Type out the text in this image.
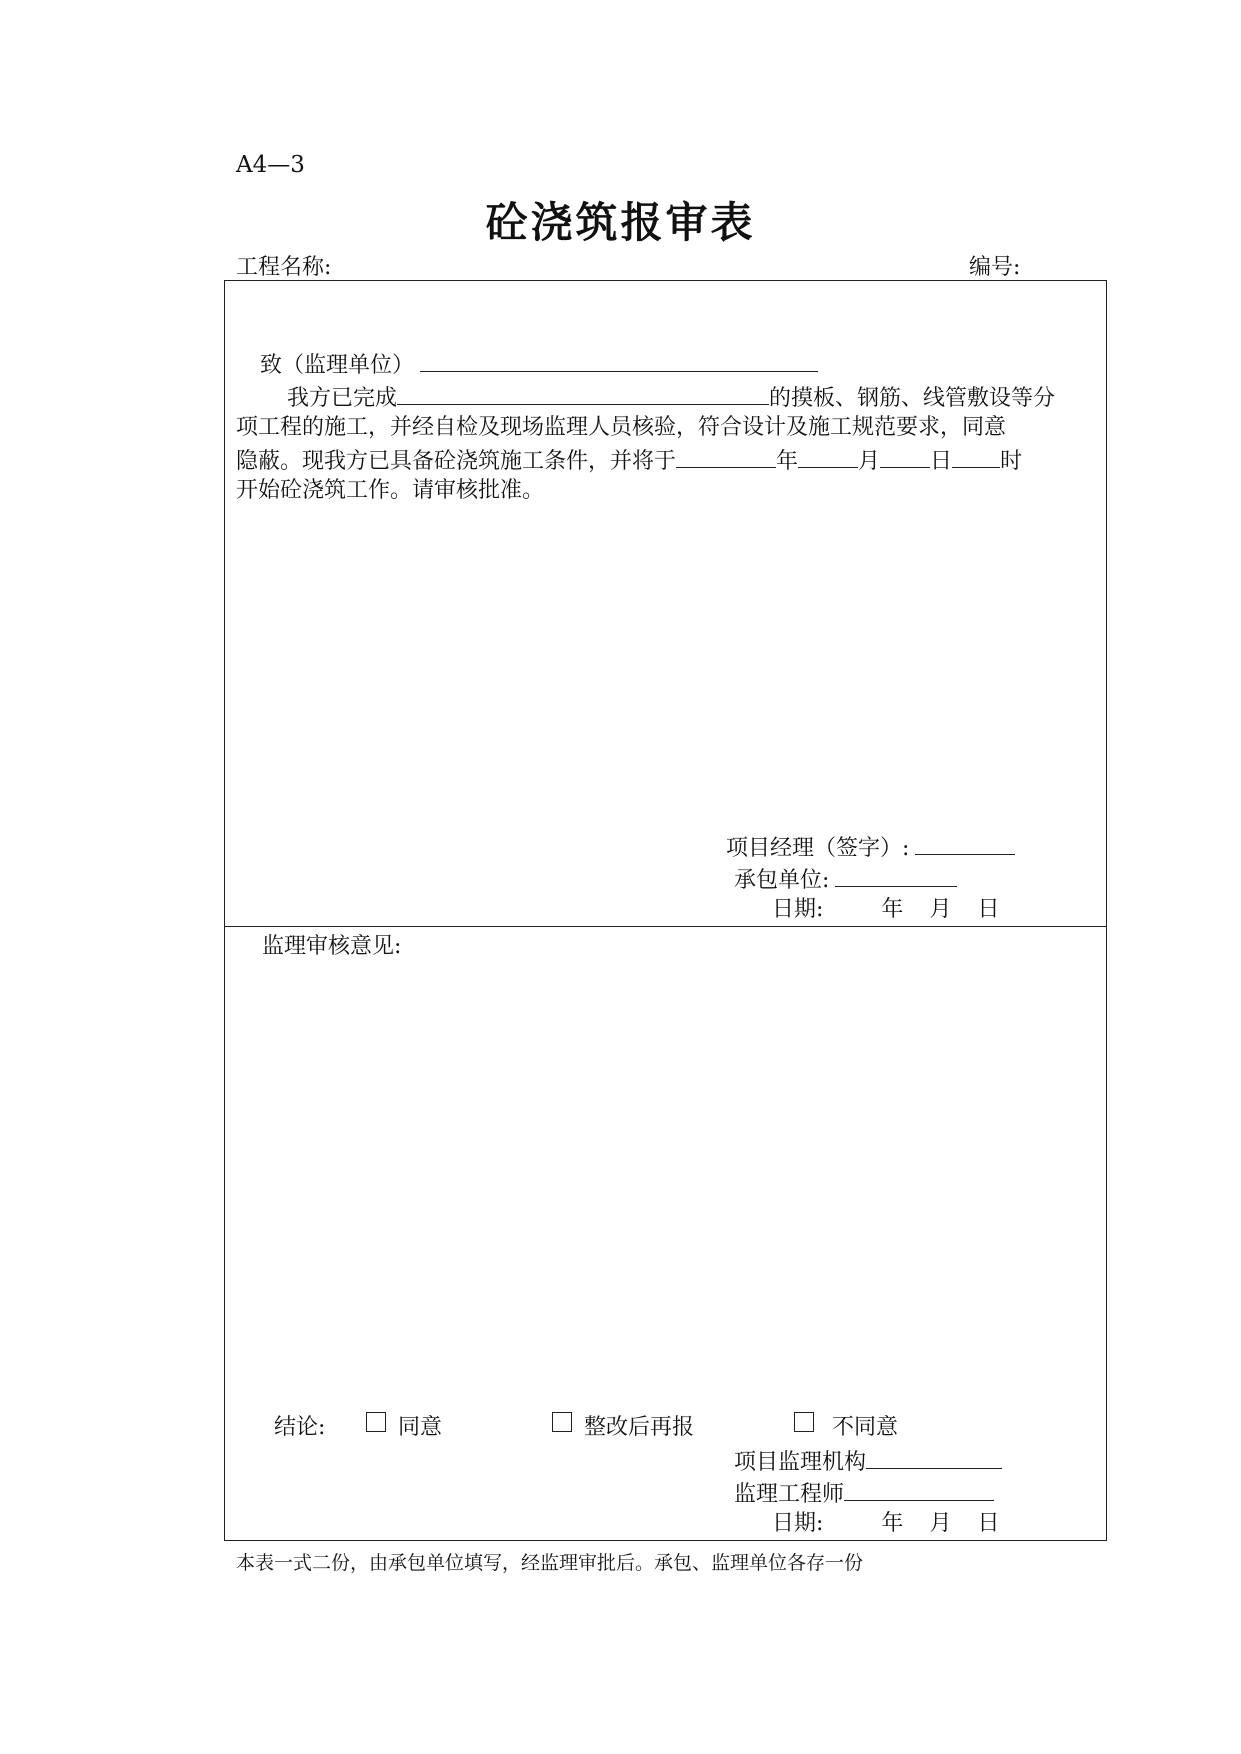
A4—3
砼浇筑报审表
工程名称:	编号:
致（监理单位）
我方已完成	的摸板、钢筋、线管敷设等分
项工程的施工，并经自检及现场监理人员核验，符合设计及施工规范要求，同意
隐蔽。现我方已具备砼浇筑施工条件，并将于	年	月 日 时
开始砼浇筑工作。请审核批准。
项目经理（签字）:
承包单位:
日期:	年 月 日
监理审核意见:
结论:	同意	整改后再报	不同意
项目监理机构
监理工程师
日期:	年 月 日
本表一式二份，由承包单位填写，经监理审批后。承包、监理单位各存一份
